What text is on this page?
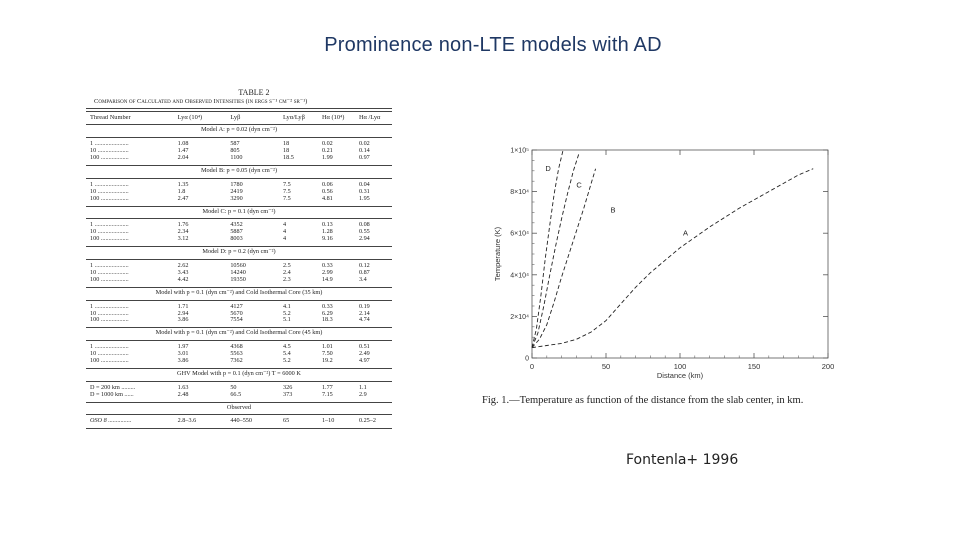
Prominence non-LTE models with AD
TABLE 2
Comparison of Calculated and Observed Intensities (in ergs s⁻¹ cm⁻² sr⁻¹)
Thread Number	Lyα (10⁴)	Lyβ	Lyα/Lyβ	Hα (10⁴)	Hα /Lyα
Model A: p = 0.02 (dyn cm⁻²)
1 ......................	1.08	587	18	0.02	0.02
10 ....................	1.47	805	18	0.21	0.14
100 ..................	2.04	1100	18.5	1.99	0.97
Model B: p = 0.05 (dyn cm⁻²)
1 ......................	1.35	1780	7.5	0.06	0.04
10 ....................	1.8	2419	7.5	0.56	0.31
100 ..................	2.47	3290	7.5	4.81	1.95
Model C: p = 0.1 (dyn cm⁻²)
1 ......................	1.76	4352	4	0.13	0.08
10 ....................	2.34	5887	4	1.28	0.55
100 ..................	3.12	8003	4	9.16	2.94
Model D: p = 0.2 (dyn cm⁻²)
1 ......................	2.62	10560	2.5	0.33	0.12
10 ....................	3.43	14240	2.4	2.99	0.87
100 ..................	4.42	19350	2.3	14.9	3.4
Model with p = 0.1 (dyn cm⁻²) and Cold Isothermal Core (35 km)
1 ......................	1.71	4127	4.1	0.33	0.19
10 ....................	2.94	5670	5.2	6.29	2.14
100 ..................	3.86	7554	5.1	18.3	4.74
Model with p = 0.1 (dyn cm⁻²) and Cold Isothermal Core (45 km)
1 ......................	1.97	4368	4.5	1.01	0.51
10 ....................	3.01	5563	5.4	7.50	2.49
100 ..................	3.86	7362	5.2	19.2	4.97
GHV Model with p = 0.1 (dyn cm⁻²) T = 6000 K
D = 200 km .........	1.63	50	326	1.77	1.1
D = 1000 km ......	2.48	66.5	373	7.15	2.9
Observed
OSO 8 ...............	2.8–3.6	440–550	65	1–10	0.25–2
0	50	100	150	200
0
2×10⁴
4×10⁴
6×10⁴
8×10⁴
1×10⁵
Distance (km)
Temperature (K)	A
B
C
D
Fig. 1.—Temperature as function of the distance from the slab center, in km.
Fontenla+ 1996
